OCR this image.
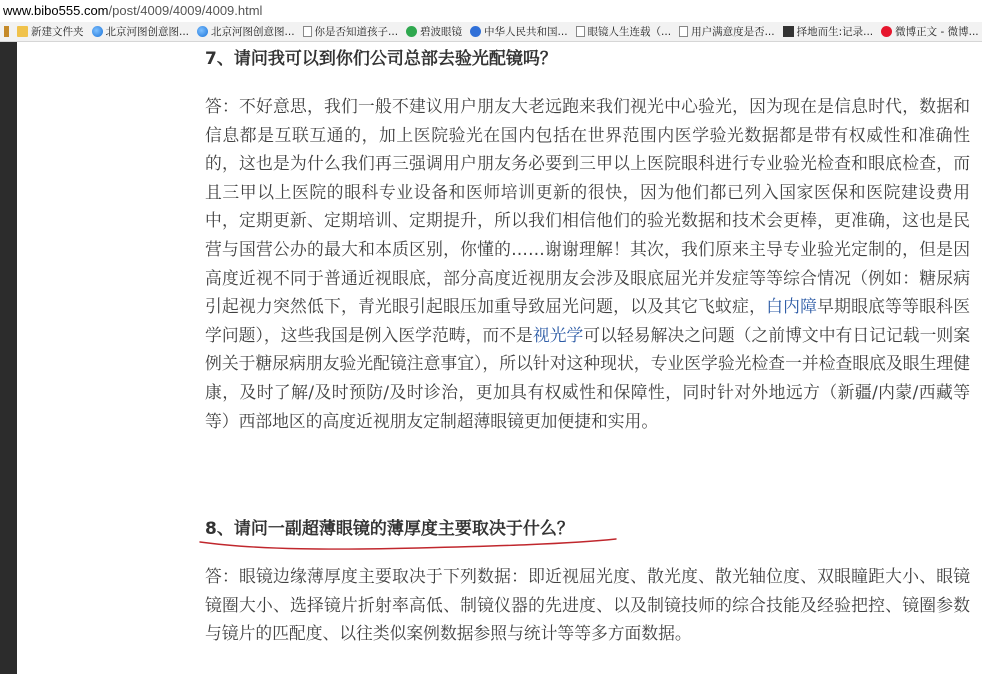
www.bibo555.com/post/4009/4009/4009.html
新建文件夹 北京河图创意图... 北京河图创意图... 你是否知道孩子... 碧波眼镜 中华人民共和国... 眼镜人生连载（... 用户满意度是否... 择地而生:记录... 微博正文 - 微博...
7、请问我可以到你们公司总部去验光配镜吗？
答：不好意思，我们一般不建议用户朋友大老远跑来我们视光中心验光，因为现在是信息时代，数据和信息都是互联互通的，加上医院验光在国内包括在世界范围内医学验光数据都是带有权威性和准确性的，这也是为什么我们再三强调用户朋友务必要到三甲以上医院眼科进行专业验光检查和眼底检查，而且三甲以上医院的眼科专业设备和医师培训更新的很快，因为他们都已列入国家医保和医院建设费用中，定期更新、定期培训、定期提升，所以我们相信他们的验光数据和技术会更棒，更准确，这也是民营与国营公办的最大和本质区别，你懂的……谢谢理解！其次，我们原来主导专业验光定制的，但是因高度近视不同于普通近视眼底，部分高度近视朋友会涉及眼底屈光并发症等等综合情况（例如：糖尿病引起视力突然低下，青光眼引起眼压加重导致屈光问题，以及其它飞蚊症，白内障早期眼底等等眼科医学问题），这些我国是例入医学范畴，而不是视光学可以轻易解决之问题（之前博文中有日记记载一则案例关于糖尿病朋友验光配镜注意事宜），所以针对这种现状，专业医学验光检查一并检查眼底及眼生理健康，及时了解/及时预防/及时诊治，更加具有权威性和保障性，同时针对外地远方（新疆/内蒙/西藏等等）西部地区的高度近视朋友定制超薄眼镜更加便捷和实用。
8、请问一副超薄眼镜的薄厚度主要取决于什么？
答：眼镜边缘薄厚度主要取决于下列数据：即近视屈光度、散光度、散光轴位度、双眼瞳距大小、眼镜镜圈大小、选择镜片折射率高低、制镜仪器的先进度、以及制镜技师的综合技能及经验把控、镜圈参数与镜片的匹配度、以往类似案例数据参照与统计等等多方面数据。
